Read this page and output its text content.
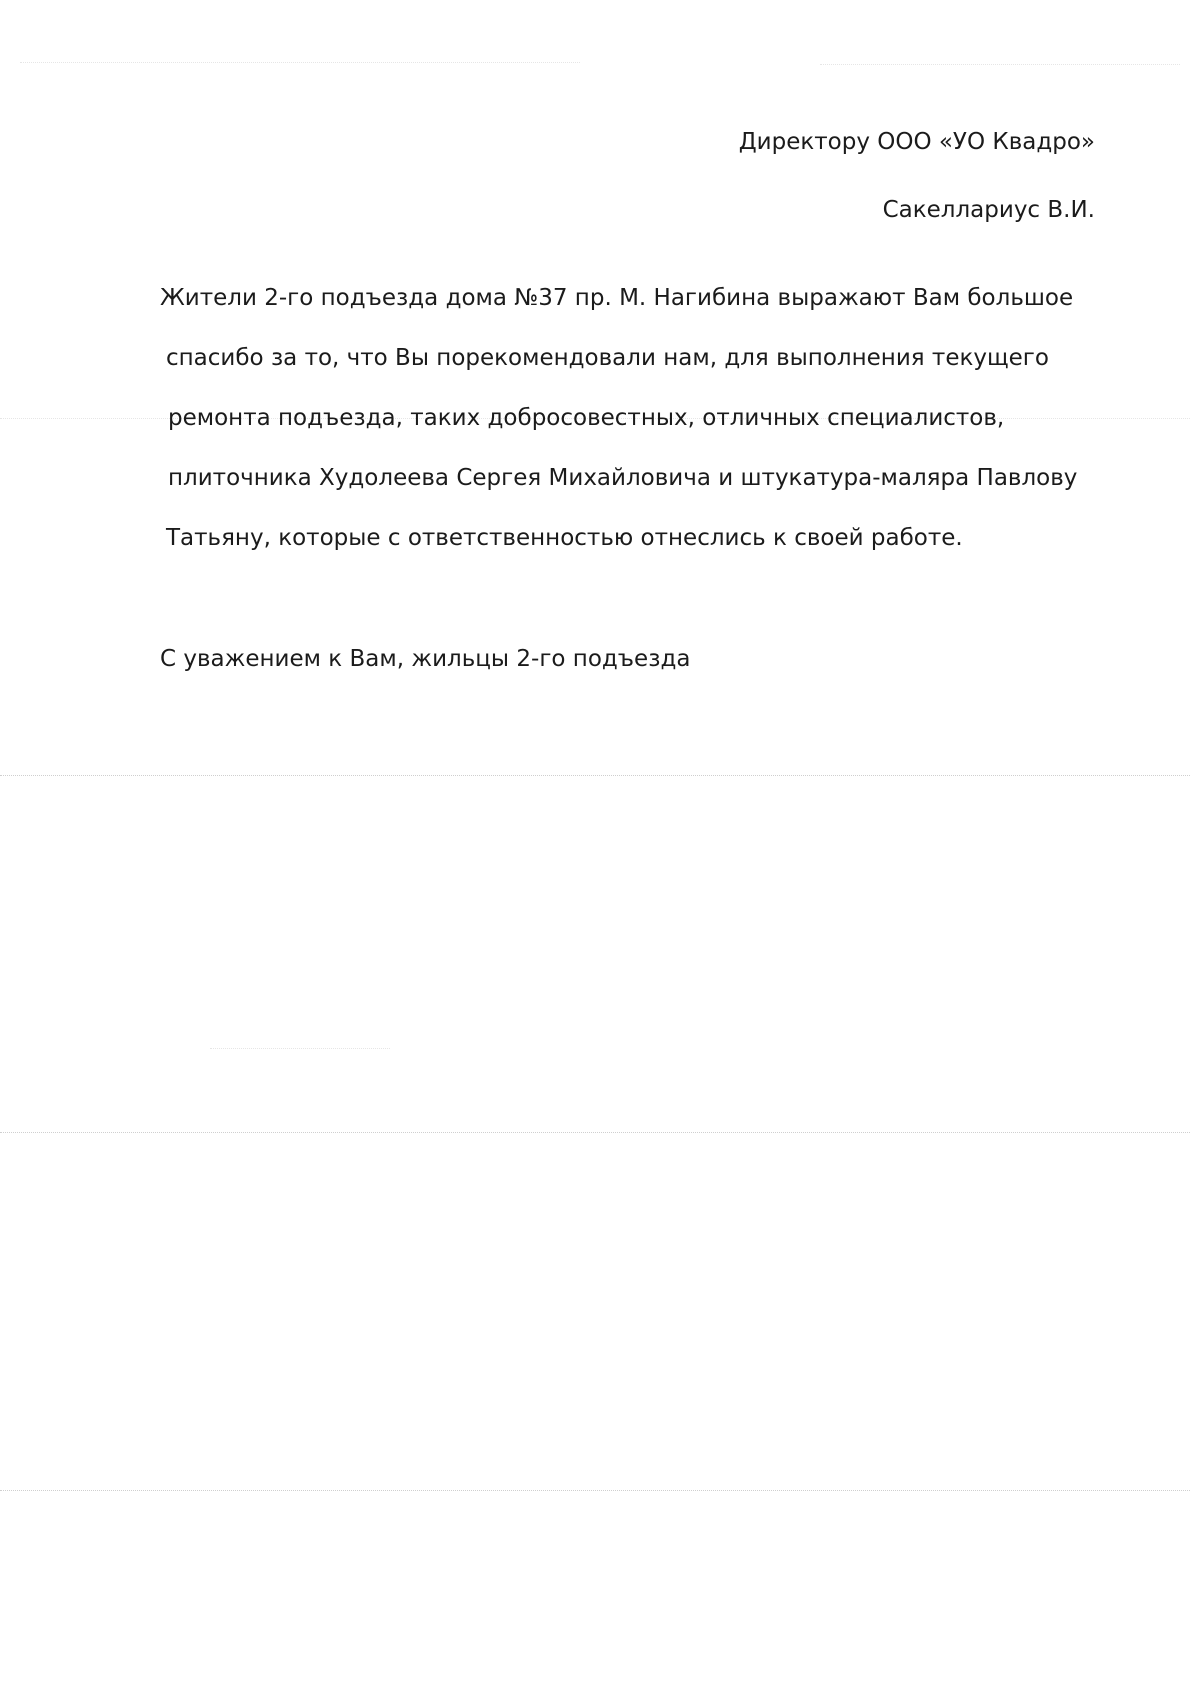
Директору ООО «УО Квадро»
Сакеллариус В.И.
Жители 2-го подъезда дома №37 пр. М. Нагибина выражают Вам большое
спасибо за то, что Вы порекомендовали нам, для выполнения текущего
ремонта подъезда, таких добросовестных, отличных специалистов,
плиточника Худолеева Сергея Михайловича и штукатура-маляра Павлову
Татьяну, которые с ответственностью отнеслись к своей работе.
С уважением к Вам, жильцы 2-го подъезда
